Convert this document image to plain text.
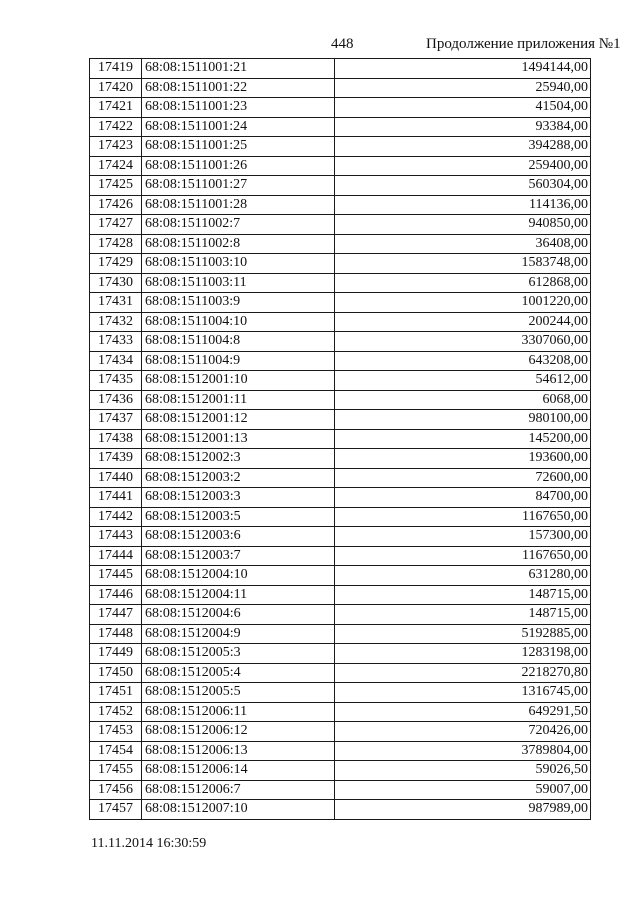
448	Продолжение приложения №1
17419	68:08:1511001:21	1494144,00
17420	68:08:1511001:22	25940,00
17421	68:08:1511001:23	41504,00
17422	68:08:1511001:24	93384,00
17423	68:08:1511001:25	394288,00
17424	68:08:1511001:26	259400,00
17425	68:08:1511001:27	560304,00
17426	68:08:1511001:28	114136,00
17427	68:08:1511002:7	940850,00
17428	68:08:1511002:8	36408,00
17429	68:08:1511003:10	1583748,00
17430	68:08:1511003:11	612868,00
17431	68:08:1511003:9	1001220,00
17432	68:08:1511004:10	200244,00
17433	68:08:1511004:8	3307060,00
17434	68:08:1511004:9	643208,00
17435	68:08:1512001:10	54612,00
17436	68:08:1512001:11	6068,00
17437	68:08:1512001:12	980100,00
17438	68:08:1512001:13	145200,00
17439	68:08:1512002:3	193600,00
17440	68:08:1512003:2	72600,00
17441	68:08:1512003:3	84700,00
17442	68:08:1512003:5	1167650,00
17443	68:08:1512003:6	157300,00
17444	68:08:1512003:7	1167650,00
17445	68:08:1512004:10	631280,00
17446	68:08:1512004:11	148715,00
17447	68:08:1512004:6	148715,00
17448	68:08:1512004:9	5192885,00
17449	68:08:1512005:3	1283198,00
17450	68:08:1512005:4	2218270,80
17451	68:08:1512005:5	1316745,00
17452	68:08:1512006:11	649291,50
17453	68:08:1512006:12	720426,00
17454	68:08:1512006:13	3789804,00
17455	68:08:1512006:14	59026,50
17456	68:08:1512006:7	59007,00
17457	68:08:1512007:10	987989,00
11.11.2014 16:30:59
